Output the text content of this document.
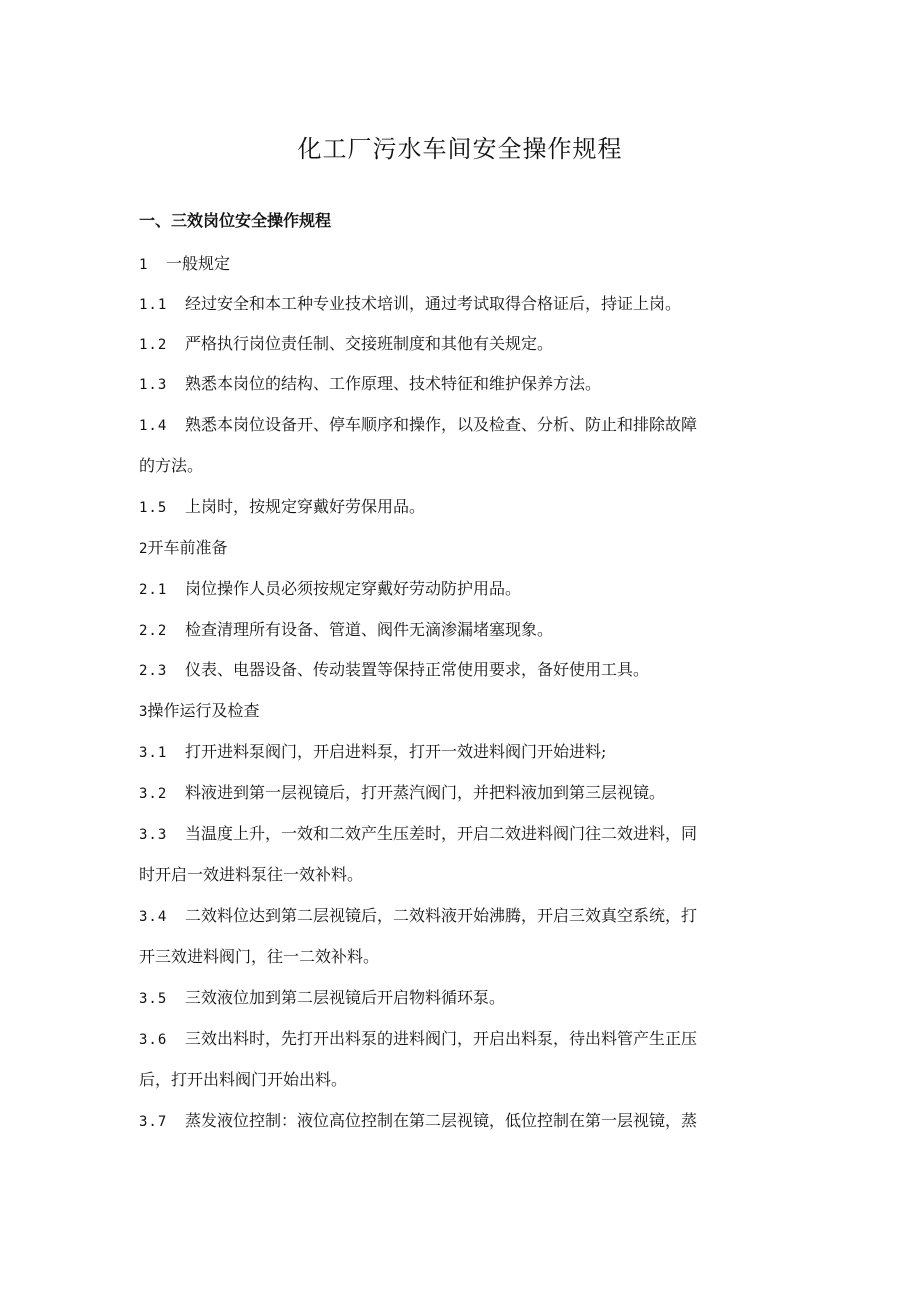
化工厂污水车间安全操作规程
一、三效岗位安全操作规程
1 一般规定
1.1 经过安全和本工种专业技术培训，通过考试取得合格证后，持证上岗。
1.2 严格执行岗位责任制、交接班制度和其他有关规定。
1.3 熟悉本岗位的结构、工作原理、技术特征和维护保养方法。
1.4 熟悉本岗位设备开、停车顺序和操作，以及检查、分析、防止和排除故障
的方法。
1.5 上岗时，按规定穿戴好劳保用品。
2开车前准备
2.1 岗位操作人员必须按规定穿戴好劳动防护用品。
2.2 检查清理所有设备、管道、阀件无滴渗漏堵塞现象。
2.3 仪表、电器设备、传动装置等保持正常使用要求，备好使用工具。
3操作运行及检查
3.1 打开进料泵阀门，开启进料泵，打开一效进料阀门开始进料;
3.2 料液进到第一层视镜后，打开蒸汽阀门，并把料液加到第三层视镜。
3.3 当温度上升，一效和二效产生压差时，开启二效进料阀门往二效进料，同
时开启一效进料泵往一效补料。
3.4 二效料位达到第二层视镜后，二效料液开始沸腾，开启三效真空系统，打
开三效进料阀门，往一二效补料。
3.5 三效液位加到第二层视镜后开启物料循环泵。
3.6 三效出料时，先打开出料泵的进料阀门，开启出料泵，待出料管产生正压
后，打开出料阀门开始出料。
3.7 蒸发液位控制：液位高位控制在第二层视镜，低位控制在第一层视镜，蒸
